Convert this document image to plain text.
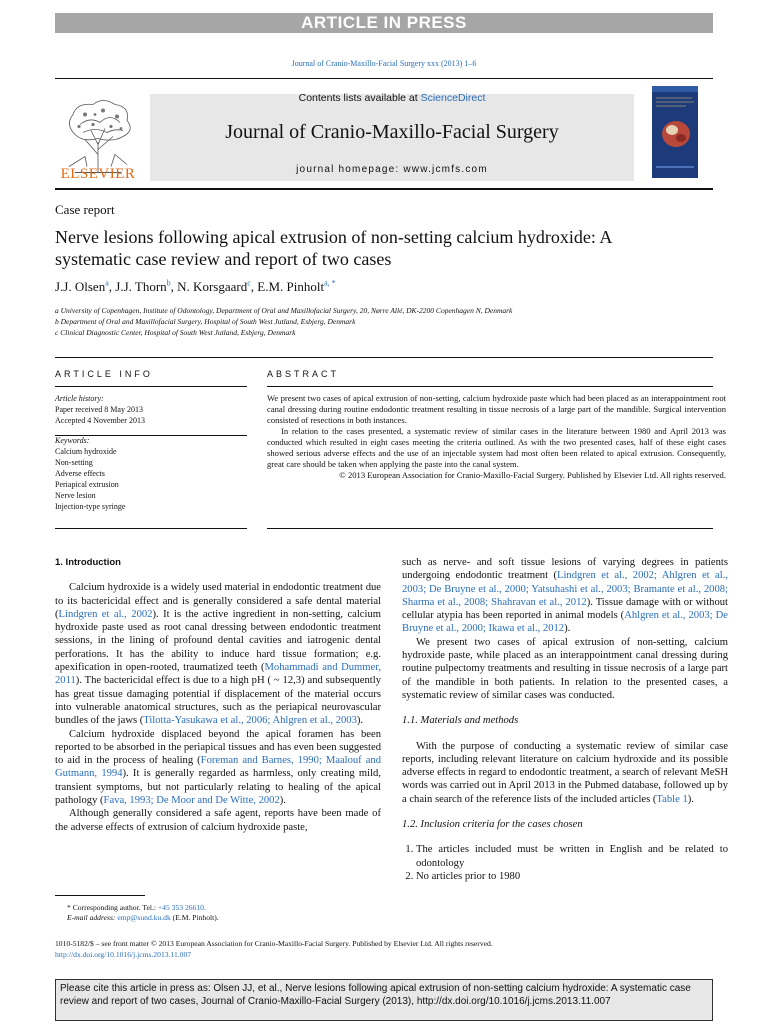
ARTICLE IN PRESS
Journal of Cranio-Maxillo-Facial Surgery xxx (2013) 1–6
ELSEVIER
Contents lists available at ScienceDirect
Journal of Cranio-Maxillo-Facial Surgery
journal homepage: www.jcmfs.com
Case report
Nerve lesions following apical extrusion of non-setting calcium hydroxide: A systematic case review and report of two cases
J.J. Olsen$^a$, J.J. Thorn$^b$, N. Korsgaard$^c$, E.M. Pinholt$^{a, *}$
a University of Copenhagen, Institute of Odontology, Department of Oral and Maxillofacial Surgery, 20, Nørre Allé, DK-2200 Copenhagen N, Denmark
b Department of Oral and Maxillofacial Surgery, Hospital of South West Jutland, Esbjerg, Denmark
c Clinical Diagnostic Center, Hospital of South West Jutland, Esbjerg, Denmark
ARTICLE INFO	ABSTRACT
Article history:
Paper received 8 May 2013
Accepted 4 November 2013
Keywords:
Calcium hydroxide
Non-setting
Adverse effects
Periapical extrusion
Nerve lesion
Injection-type syringe

We present two cases of apical extrusion of non-setting, calcium hydroxide paste which had been placed as an interappointment root canal dressing during routine endodontic treatment resulting in tissue necrosis of a large part of the mandible. Surgical intervention consisted of resections in both instances.

In relation to the cases presented, a systematic review of similar cases in the literature between 1980 and April 2013 was conducted which resulted in eight cases meeting the criteria outlined. As with the two presented cases, half of these eight cases showed serious adverse effects and the use of an injectable system had most often been related to apical extrusion. Consequently, great care should be taken when applying the paste into the canal system.

© 2013 European Association for Cranio-Maxillo-Facial Surgery. Published by Elsevier Ltd. All rights reserved.

1. Introduction

Calcium hydroxide is a widely used material in endodontic treatment due to its bactericidal effect and is generally considered a safe dental material (Lindgren et al., 2002). It is the active ingredient in non-setting, calcium hydroxide paste used as root canal dressing between endodontic treatment sessions, in the lining of profound dental cavities and iatrogenic dental perforations. It has the ability to induce hard tissue formation; e.g. apexification in open-rooted, traumatized teeth (Mohammadi and Dummer, 2011). The bactericidal effect is due to a high pH ( ~ 12,3) and subsequently has great tissue damaging potential if displacement of the material occurs into vulnerable anatomical structures, such as the periapical neurovascular bundles of the jaws (Tilotta-Yasukawa et al., 2006; Ahlgren et al., 2003).

Calcium hydroxide displaced beyond the apical foramen has been reported to be absorbed in the periapical tissues and has even been suggested to aid in the process of healing (Foreman and Barnes, 1990; Maalouf and Gutmann, 1994). It is generally regarded as harmless, only creating mild, transient symptoms, but not particularly relating to healing of the apical pathology (Fava, 1993; De Moor and De Witte, 2002).

Although generally considered a safe agent, reports have been made of the adverse effects of extrusion of calcium hydroxide paste,

such as nerve- and soft tissue lesions of varying degrees in patients undergoing endodontic treatment (Lindgren et al., 2002; Ahlgren et al., 2003; De Bruyne et al., 2000; Yatsuhashi et al., 2003; Bramante et al., 2008; Sharma et al., 2008; Shahravan et al., 2012). Tissue damage with or without cellular atypia has been reported in animal models (Ahlgren et al., 2003; De Bruyne et al., 2000; Ikawa et al., 2012).

We present two cases of apical extrusion of non-setting, calcium hydroxide paste, while placed as an interappointment canal dressing during routine pulpectomy treatments and resulting in tissue necrosis of a large part of the mandible in both patients. In relation to the presented cases, a systematic review of similar cases was conducted.

1.1. Materials and methods

With the purpose of conducting a systematic review of similar case reports, including relevant literature on calcium hydroxide and its possible adverse effects in regard to endodontic treatment, a search of relevant MeSH words was carried out in April 2013 in the Pubmed database, followed up by a chain search of the reference lists of the included articles (Table 1).

1.2. Inclusion criteria for the cases chosen

1. The articles included must be written in English and be related to odontology
2. No articles prior to 1980
* Corresponding author. Tel.: +45 353 26610.
E-mail address: emp@sund.ku.dk (E.M. Pinholt).
1010-5182/$ – see front matter © 2013 European Association for Cranio-Maxillo-Facial Surgery. Published by Elsevier Ltd. All rights reserved.
http://dx.doi.org/10.1016/j.jcms.2013.11.007
Please cite this article in press as: Olsen JJ, et al., Nerve lesions following apical extrusion of non-setting calcium hydroxide: A systematic case review and report of two cases, Journal of Cranio-Maxillo-Facial Surgery (2013), http://dx.doi.org/10.1016/j.jcms.2013.11.007
